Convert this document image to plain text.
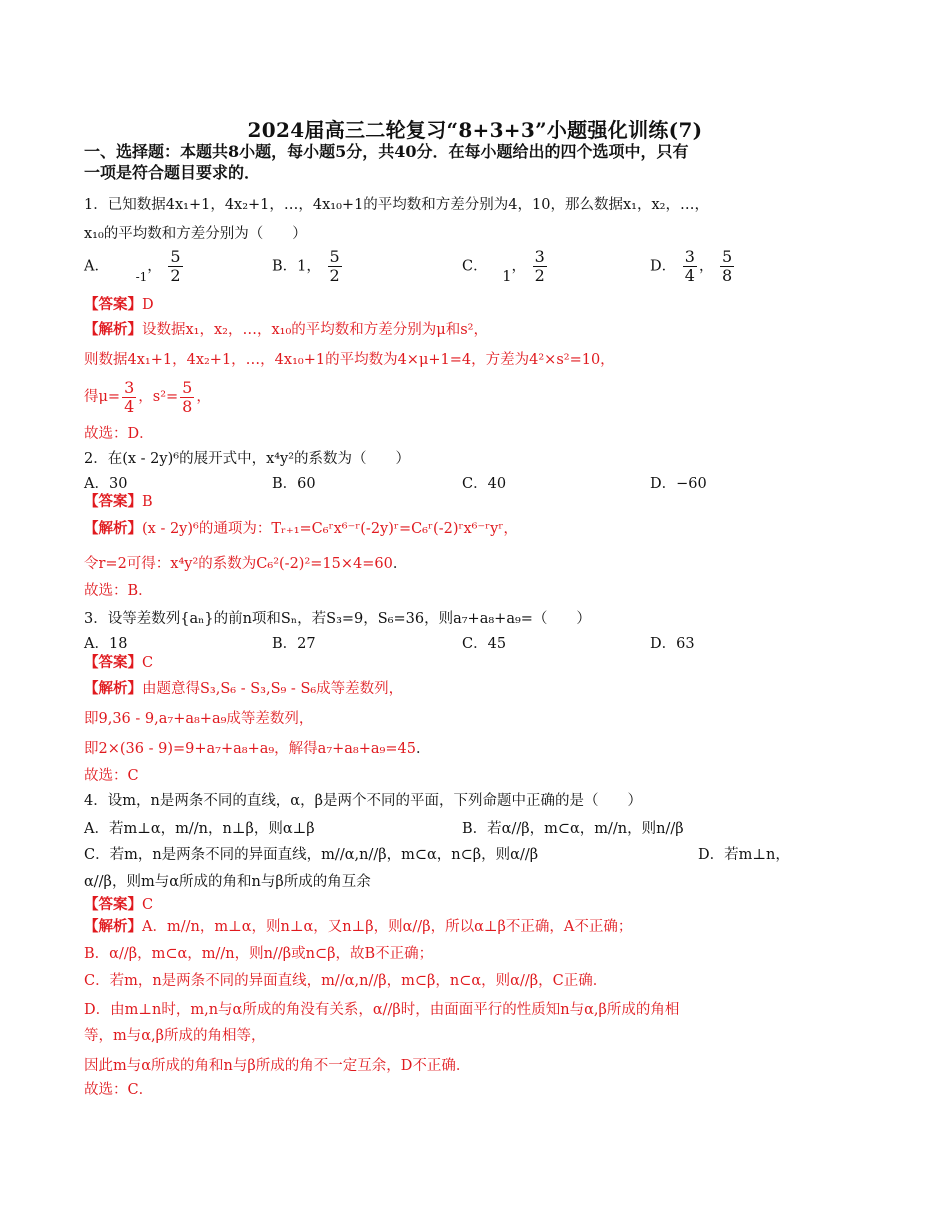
2024届高三二轮复习“8+3+3”小题强化训练(7)
一、选择题：本题共8小题，每小题5分，共40分．在每小题给出的四个选项中，只有
一项是符合题目要求的．
1．已知数据4x₁+1，4x₂+1，…，4x₁₀+1的平均数和方差分别为4，10，那么数据x₁，x₂，…，
x₁₀的平均数和方差分别为（　　）
A． $_{-1}$， $\frac{5}{2}$	B．1， $\frac{5}{2}$	C． 1， $\frac{3}{2}$	D． $\frac{3}{4}$ ， $\frac{5}{8}$
【答案】D
【解析】设数据x₁，x₂，…，x₁₀的平均数和方差分别为μ和s²，
则数据4x₁+1，4x₂+1，…，4x₁₀+1的平均数为4×μ+1=4，方差为4²×s²=10，
得$\mu= \frac{3}{4}$ ，$s^2= \frac{5}{8}$ ，
故选：D．
2．在(x - 2y)⁶的展开式中，x⁴y²的系数为（　　）
A．30	B．60	C．40	D．−60
【答案】B
【解析】(x - 2y)⁶的通项为：Tᵣ₊₁=C₆ʳx⁶⁻ʳ(-2y)ʳ=C₆ʳ(-2)ʳx⁶⁻ʳyʳ，
令r=2可得：x⁴y²的系数为C₆²(-2)²=15×4=60．
故选：B．
3．设等差数列{aₙ}的前n项和Sₙ，若S₃=9，S₆=36，则a₇+a₈+a₉=（　　）
A．18	B．27	C．45	D．63
【答案】C
【解析】由题意得S₃,S₆ - S₃,S₉ - S₆成等差数列，
即9,36 - 9,a₇+a₈+a₉成等差数列，
即2×(36 - 9)=9+a₇+a₈+a₉，解得a₇+a₈+a₉=45．
故选：C
4．设m，n是两条不同的直线，α，β是两个不同的平面，下列命题中正确的是（　　）
A．若m⊥α，m//n，n⊥β，则α⊥β	B．若α//β，m⊂α，m//n，则n//β
C．若m，n是两条不同的异面直线，m//α,n//β，m⊂α，n⊂β，则α//β	D．若m⊥n，
α//β，则m与α所成的角和n与β所成的角互余
【答案】C
【解析】A．m//n，m⊥α，则n⊥α，又n⊥β，则α//β，所以α⊥β不正确，A不正确；
B．α//β，m⊂α，m//n，则n//β或n⊂β，故B不正确；
C．若m，n是两条不同的异面直线，m//α,n//β，m⊂β，n⊂α，则α//β，C正确．
D．由m⊥n时，m,n与α所成的角没有关系，α//β时，由面面平行的性质知n与α,β所成的角相
等，m与α,β所成的角相等，
因此m与α所成的角和n与β所成的角不一定互余，D不正确．
故选：C．
